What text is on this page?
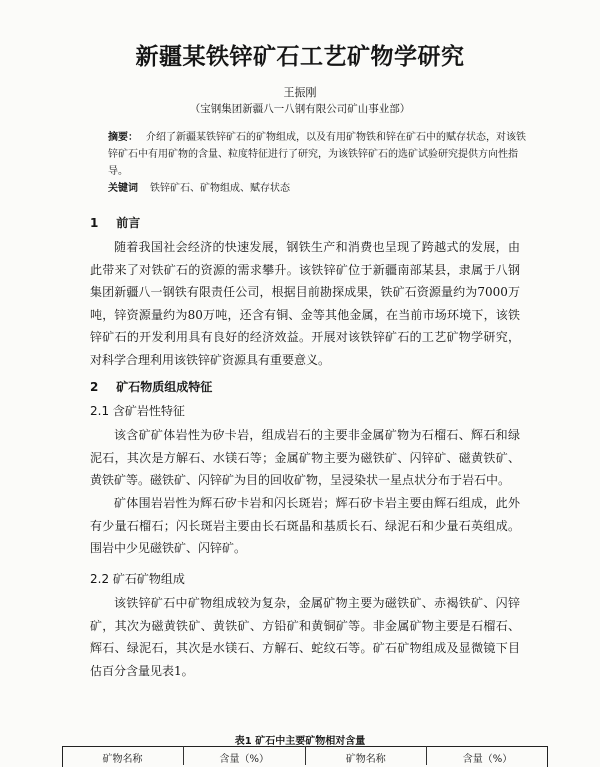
新疆某铁锌矿石工艺矿物学研究
王振刚
（宝钢集团新疆八一八钢有限公司矿山事业部）
摘要： 介绍了新疆某铁锌矿石的矿物组成，以及有用矿物铁和锌在矿石中的赋存状态，对该铁锌矿石中有用矿物的含量、粒度特征进行了研究，为该铁锌矿石的选矿试验研究提供方向性指导。
关键词 铁锌矿石、矿物组成、赋存状态
1 前言
随着我国社会经济的快速发展，钢铁生产和消费也呈现了跨越式的发展，由此带来了对铁矿石的资源的需求攀升。该铁锌矿位于新疆南部某县，隶属于八钢集团新疆八一钢铁有限责任公司，根据目前勘探成果，铁矿石资源量约为7000万吨，锌资源量约为80万吨，还含有铜、金等其他金属，在当前市场环境下，该铁锌矿石的开发利用具有良好的经济效益。开展对该铁锌矿石的工艺矿物学研究，对科学合理利用该铁锌矿资源具有重要意义。
2 矿石物质组成特征
2.1 含矿岩性特征
该含矿矿体岩性为矽卡岩，组成岩石的主要非金属矿物为石榴石、辉石和绿泥石，其次是方解石、水镁石等；金属矿物主要为磁铁矿、闪锌矿、磁黄铁矿、黄铁矿等。磁铁矿、闪锌矿为目的回收矿物，呈浸染状一星点状分布于岩石中。
矿体围岩岩性为辉石矽卡岩和闪长斑岩；辉石矽卡岩主要由辉石组成，此外有少量石榴石；闪长斑岩主要由长石斑晶和基质长石、绿泥石和少量石英组成。围岩中少见磁铁矿、闪锌矿。
2.2 矿石矿物组成
该铁锌矿石中矿物组成较为复杂，金属矿物主要为磁铁矿、赤褐铁矿、闪锌矿，其次为磁黄铁矿、黄铁矿、方铅矿和黄铜矿等。非金属矿物主要是石榴石、辉石、绿泥石，其次是水镁石、方解石、蛇纹石等。矿石矿物组成及显微镜下目估百分含量见表1。
表1 矿石中主要矿物相对含量
矿物名称	含量（%）	矿物名称	含量（%）
